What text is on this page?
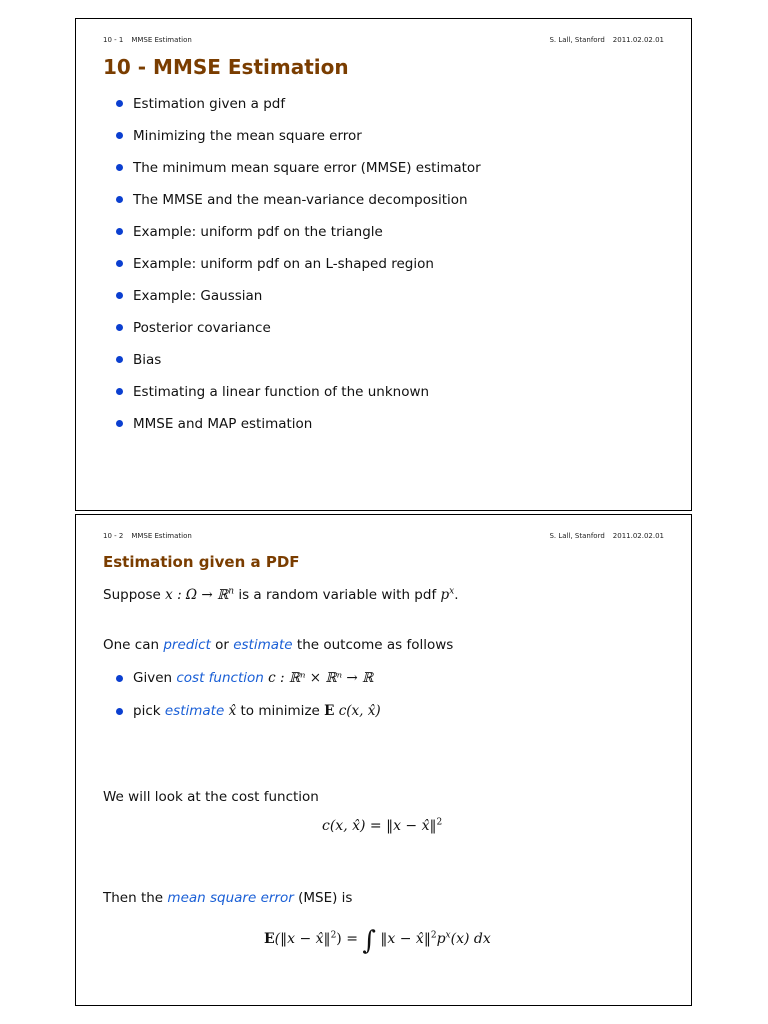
10 - 1 MMSE Estimation	S. Lall, Stanford 2011.02.02.01
10 - MMSE Estimation
Estimation given a pdf
Minimizing the mean square error
The minimum mean square error (MMSE) estimator
The MMSE and the mean-variance decomposition
Example: uniform pdf on the triangle
Example: uniform pdf on an L-shaped region
Example: Gaussian
Posterior covariance
Bias
Estimating a linear function of the unknown
MMSE and MAP estimation
10 - 2 MMSE Estimation	S. Lall, Stanford 2011.02.02.01
Estimation given a PDF
Suppose x : Ω → ℝ$^n$ is a random variable with pdf $p^x$.
One can predict or estimate the outcome as follows
Given cost function c : ℝⁿ × ℝⁿ → ℝ
pick estimate x̂ to minimize E c(x, x̂)
We will look at the cost function
c(x, x̂) = ‖x − x̂‖$^2$
Then the mean square error (MSE) is
E(‖x − x̂‖$^2$) = ∫ ‖x − $x̂‖^2p^x(x)$ dx
